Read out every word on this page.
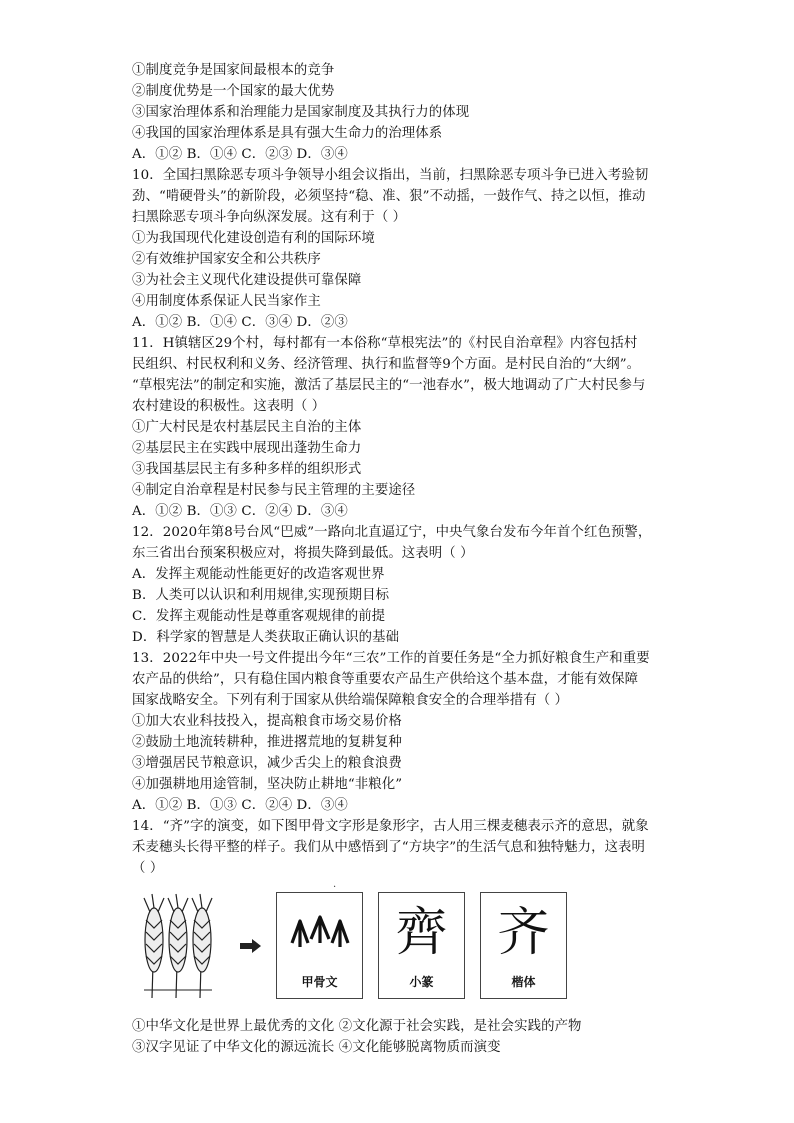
①制度竞争是国家间最根本的竞争
②制度优势是一个国家的最大优势
③国家治理体系和治理能力是国家制度及其执行力的体现
④我国的国家治理体系是具有强大生命力的治理体系
A．①② B．①④ C．②③ D．③④
10．全国扫黑除恶专项斗争领导小组会议指出，当前，扫黑除恶专项斗争已进入考验韧
劲、“啃硬骨头”的新阶段，必须坚持“稳、准、狠”不动摇，一鼓作气、持之以恒，推动
扫黑除恶专项斗争向纵深发展。这有利于（ ）
①为我国现代化建设创造有利的国际环境
②有效维护国家安全和公共秩序
③为社会主义现代化建设提供可靠保障
④用制度体系保证人民当家作主
A．①② B．①④ C．③④ D．②③
11．H镇辖区29个村，每村都有一本俗称“草根宪法”的《村民自治章程》内容包括村
民组织、村民权利和义务、经济管理、执行和监督等9个方面。是村民自治的“大纲”。
“草根宪法”的制定和实施，激活了基层民主的“一池春水”，极大地调动了广大村民参与
农村建设的积极性。这表明（ ）
①广大村民是农村基层民主自治的主体
②基层民主在实践中展现出蓬勃生命力
③我国基层民主有多种多样的组织形式
④制定自治章程是村民参与民主管理的主要途径
A．①② B．①③ C．②④ D．③④
12．2020年第8号台风“巴威”一路向北直逼辽宁，中央气象台发布今年首个红色预警，
东三省出台预案积极应对，将损失降到最低。这表明（ ）
A．发挥主观能动性能更好的改造客观世界
B．人类可以认识和利用规律,实现预期目标
C．发挥主观能动性是尊重客观规律的前提
D．科学家的智慧是人类获取正确认识的基础
13．2022年中央一号文件提出今年“三农”工作的首要任务是“全力抓好粮食生产和重要
农产品的供给”，只有稳住国内粮食等重要农产品生产供给这个基本盘，才能有效保障
国家战略安全。下列有利于国家从供给端保障粮食安全的合理举措有（ ）
①加大农业科技投入，提高粮食市场交易价格
②鼓励土地流转耕种，推进撂荒地的复耕复种
③增强居民节粮意识，减少舌尖上的粮食浪费
④加强耕地用途管制，坚决防止耕地“非粮化”
A．①② B．①③ C．②④ D．③④
14．“齐”字的演变，如下图甲骨文字形是象形字，古人用三棵麦穗表示齐的意思，就象
禾麦穗头长得平整的样子。我们从中感悟到了“方块字”的生活气息和独特魅力，这表明
（ ）
.
甲骨文
齊
小篆
齐
楷体
①中华文化是世界上最优秀的文化 ②文化源于社会实践，是社会实践的产物
③汉字见证了中华文化的源远流长 ④文化能够脱离物质而演变
